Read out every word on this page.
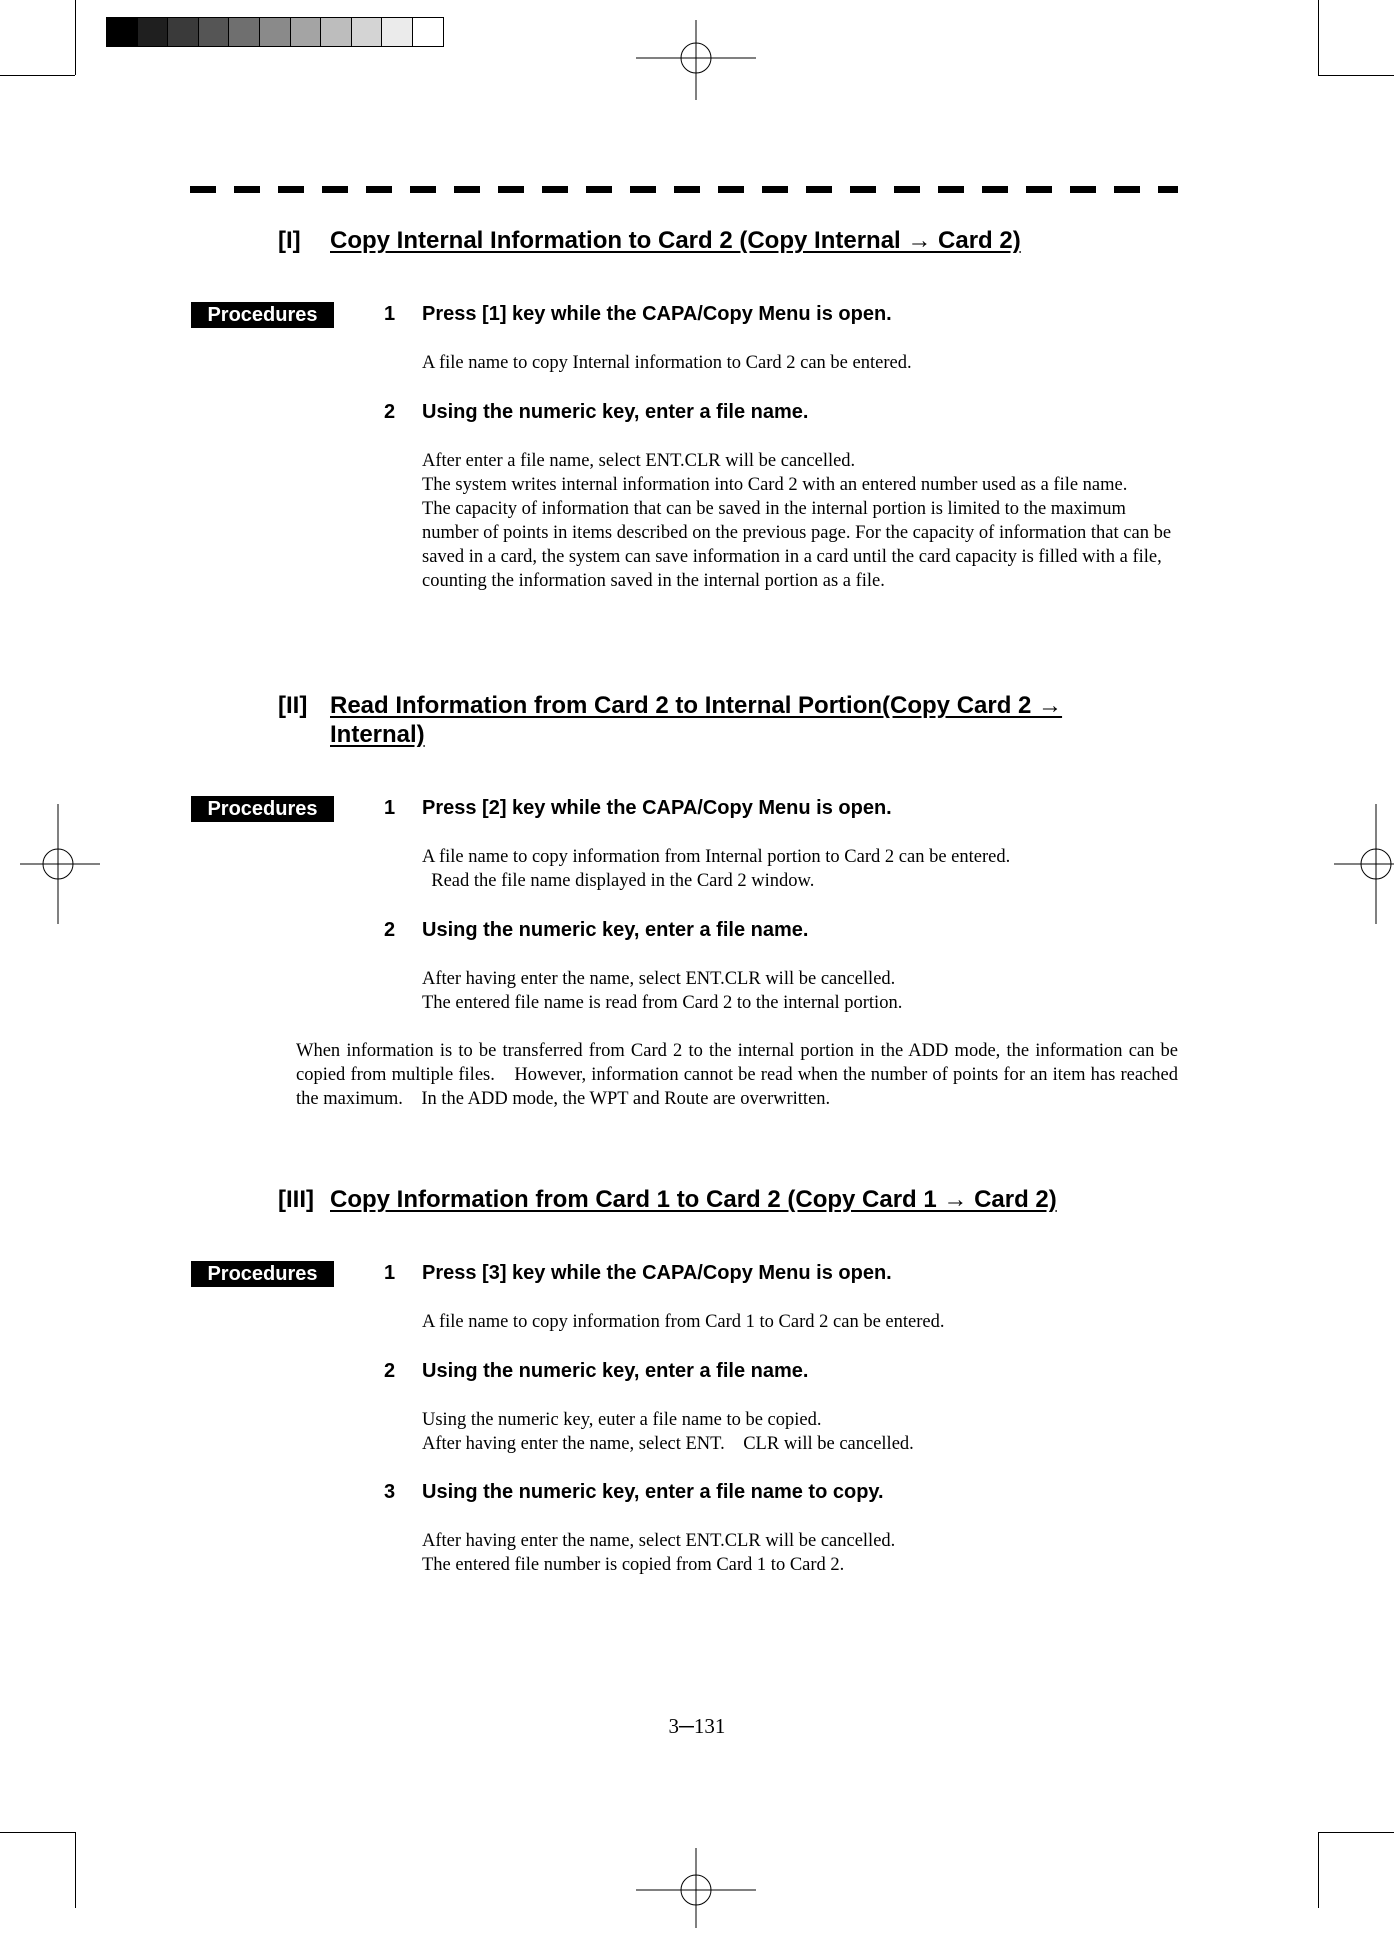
[I] Copy Internal Information to Card 2 (Copy Internal → Card 2)
Procedures	1 Press [1] key while the CAPA/Copy Menu is open.

A file name to copy Internal information to Card 2 can be entered.

2 Using the numeric key, enter a file name.

After enter a file name, select ENT.CLR will be cancelled.

The system writes internal information into Card 2 with an entered number used as a file name.

The capacity of information that can be saved in the internal portion is limited to the maximum number of points in items described on the previous page. For the capacity of information that can be saved in a card, the system can save information in a card until the card capacity is filled with a file, counting the information saved in the internal portion as a file.

[II] Read Information from Card 2 to Internal Portion(Copy Card 2 →
Internal)
Procedures	1 Press [2] key while the CAPA/Copy Menu is open.

A file name to copy information from Internal portion to Card 2 can be entered.

Read the file name displayed in the Card 2 window.

2 Using the numeric key, enter a file name.

After having enter the name, select ENT.CLR will be cancelled.

The entered file name is read from Card 2 to the internal portion.

When information is to be transferred from Card 2 to the internal portion in the ADD mode, the information can be copied from multiple files.　However, information cannot be read when the number of points for an item has reached the maximum.　In the ADD mode, the WPT and Route are overwritten.
[III] Copy Information from Card 1 to Card 2 (Copy Card 1 → Card 2)
Procedures	1 Press [3] key while the CAPA/Copy Menu is open.

A file name to copy information from Card 1 to Card 2 can be entered.

2 Using the numeric key, enter a file name.

Using the numeric key, euter a file name to be copied.

After having enter the name, select ENT.　CLR will be cancelled.

3 Using the numeric key, enter a file name to copy.

After having enter the name, select ENT.CLR will be cancelled.

The entered file number is copied from Card 1 to Card 2.

3─131
